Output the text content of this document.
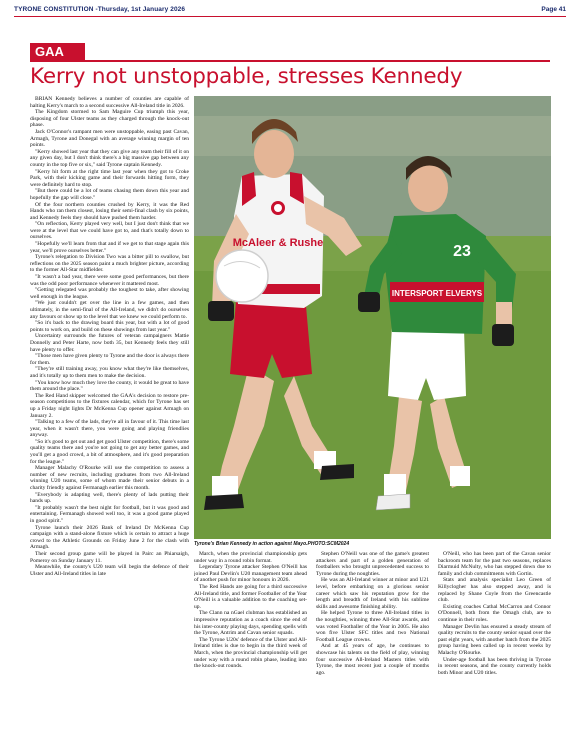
TYRONE CONSTITUTION -Thursday, 1st January 2026	Page 41
GAA
Kerry not unstoppable, stresses Kennedy

BRIAN Kennedy believes a number of counties are capable of halting Kerry's march to a second successive All-Ireland title in 2026.

The Kingdom stormed to Sam Maguire Cup triumph this year, disposing of four Ulster teams as they charged through the knock-out phase.

Jack O'Connor's rampant men were unstoppable, easing past Cavan, Armagh, Tyrone and Donegal with an average winning margin of ten points.

"Kerry showed last year that they can give any team their fill of it on any given day, but I don't think there's a big massive gap between any county in the top five or six," said Tyrone captain Kennedy.

"Kerry hit form at the right time last year when they got to Croke Park, with their kicking game and their forwards hitting form, they were definitely hard to stop.

"But there could be a lot of teams chasing them down this year and hopefully the gap will close."

Of the four northern counties crushed by Kerry, it was the Red Hands who ran them closest, losing their semi-final clash by six points, and Kennedy feels they should have pushed them harder.

"On reflection, Kerry played very well, but I just don't think that we were at the level that we could have got to, and that's totally down to ourselves.

"Hopefully we'll learn from that and if we get to that stage again this year, we'll prove ourselves better."

Tyrone's relegation to Division Two was a bitter pill to swallow, but reflections on the 2025 season paint a much brighter picture, according to the former All-Star midfielder.

"It wasn't a bad year, there were some good performances, but there was the odd poor performance whenever it mattered most.

"Getting relegated was probably the toughest to take, after showing well enough in the league.

"We just couldn't get over the line in a few games, and then ultimately, in the semi-final of the All-Ireland, we didn't do ourselves any favours or show up to the level that we knew we could perform to.

"So it's back to the drawing board this year, but with a lot of good points to work on, and build on these showings from last year."

Uncertainty surrounds the futures of veteran campaigners Mattie Donnelly and Peter Harte, now both 35, but Kennedy feels they still have plenty to offer.

"Those men have given plenty to Tyrone and the door is always there for them.

"They're still training away, you know what they're like themselves, and it's totally up to them men to make the decision.

"You know how much they love the county, it would be great to have them around the place."

The Red Hand skipper welcomed the GAA's decision to restore pre-season competitions to the fixtures calendar, which for Tyrone has set up a Friday night lights Dr McKenna Cup opener against Armagh on January 2.

"Talking to a few of the lads, they're all in favour of it. This time last year, when it wasn't there, you were going and playing friendlies anyway.

"So it's good to get out and get good Ulster competition, there's some quality teams there and you're not going to get any better games, and you'll get a good crowd, a bit of atmosphere, and it's good preparation for the league."

Manager Malachy O'Rourke will use the competition to assess a number of new recruits, including graduates from two All-Ireland winning U20 teams, some of whom made their senior debuts in a charity friendly against Fermanagh earlier this month.

"Everybody is adapting well, there's plenty of lads putting their hands up.

"It probably wasn't the best night for football, but it was good and entertaining. Fermanagh showed well too, it was a good game played in good spirit."

Tyrone launch their 2026 Bank of Ireland Dr McKenna Cup campaign with a stand-alone fixture which is certain to attract a huge crowd to the Athletic Grounds on Friday June 2 for the clash with Armagh.

Their second group game will be played in Pairc an Phiarsaigh, Pomeroy on Sunday January 11.

Meanwhile, the county's U20 team will begin the defence of their Ulster and All-Ireland titles in late

McAleer & Rushe	23
INTERSPORT ELVERYS
Tyrone's Brian Kennedy in action against Mayo.PHOTO:SCM2024

March, when the provincial championship gets under way in a round robin format.

Legendary Tyrone attacker Stephen O'Neill has joined Paul Devlin's U20 management team ahead of another push for minor honours in 2026.

The Red Hands are going for a third successive All-Ireland title, and former Footballer of the Year O'Neill is a valuable addition to the coaching set-up.

The Clann na nGael clubman has established an impressive reputation as a coach since the end of his inter-county playing days, spending spells with the Tyrone, Antrim and Cavan senior squads.

The Tyrone U20s' defence of the Ulster and All-Ireland titles is due to begin in the third week of March, when the provincial championship will get under way with a round robin phase, leading into the knock-out rounds.

Stephen O'Neill was one of the game's greatest attackers and part of a golden generation of footballers who brought unprecedented success to Tyrone during the noughties.

He was an All-Ireland winner at minor and U21 level, before embarking on a glorious senior career which saw his reputation grow for the length and breadth of Ireland with his sublime skills and awesome finishing ability.

He helped Tyrone to three All-Ireland titles in the noughties, winning three All-Star awards, and was voted Footballer of the Year in 2005. He also won five Ulster SFC titles and two National Football League crowns.

And at 45 years of age, he continues to showcase his talents on the field of play, winning four successive All-Ireland Masters titles with Tyrone, the most recent just a couple of months ago.

O'Neill, who has been part of the Cavan senior backroom team for the past two seasons, replaces Diarmuid McNulty, who has stepped down due to family and club commitments with Gortin.

Stats and analysis specialist Leo Green of Killyclogher has also stepped away, and is replaced by Shane Coyle from the Greencastle club.

Existing coaches Cathal McCarron and Connor O'Donnell, both from the Omagh club, are to continue in their roles.

Manager Devlin has ensured a steady stream of quality recruits to the county senior squad over the past eight years, with another batch from the 2025 group having been called up in recent weeks by Malachy O'Rourke.

Under-age football has been thriving in Tyrone in recent seasons, and the county currently holds both Minor and U20 titles.
